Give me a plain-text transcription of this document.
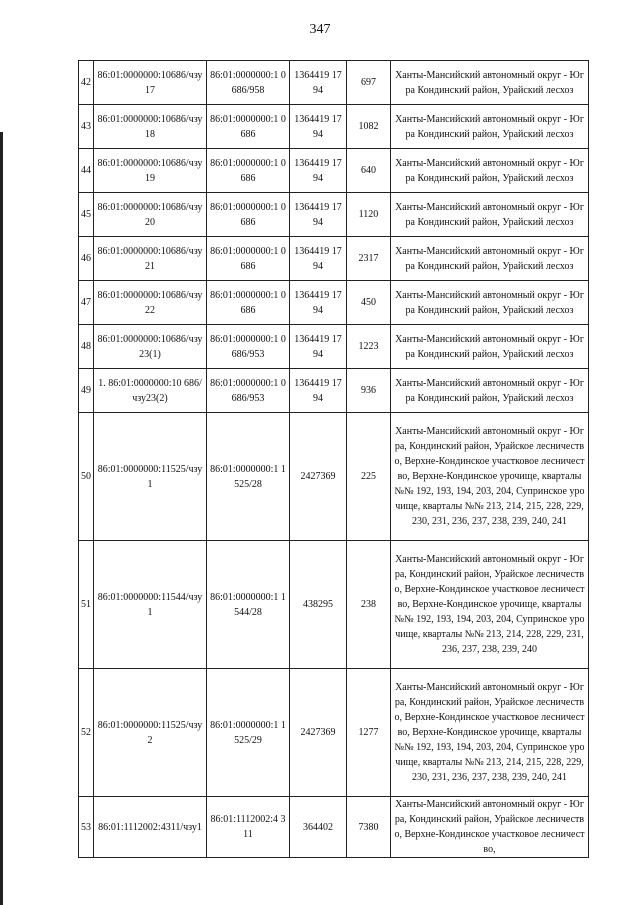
347
42	86:01:0000000:10686/чзу 17	86:01:0000000:1 0686/958	1364419 1794	697	Ханты-Мансийский автономный округ - Югра Кондинский район, Урайский лесхоз
43	86:01:0000000:10686/чзу 18	86:01:0000000:1 0686	1364419 1794	1082	Ханты-Мансийский автономный округ - Югра Кондинский район, Урайский лесхоз
44	86:01:0000000:10686/чзу 19	86:01:0000000:1 0686	1364419 1794	640	Ханты-Мансийский автономный округ - Югра Кондинский район, Урайский лесхоз
45	86:01:0000000:10686/чзу 20	86:01:0000000:1 0686	1364419 1794	1120	Ханты-Мансийский автономный округ - Югра Кондинский район, Урайский лесхоз
46	86:01:0000000:10686/чзу 21	86:01:0000000:1 0686	1364419 1794	2317	Ханты-Мансийский автономный округ - Югра Кондинский район, Урайский лесхоз
47	86:01:0000000:10686/чзу 22	86:01:0000000:1 0686	1364419 1794	450	Ханты-Мансийский автономный округ - Югра Кондинский район, Урайский лесхоз
48	86:01:0000000:10686/чзу 23(1)	86:01:0000000:1 0686/953	1364419 1794	1223	Ханты-Мансийский автономный округ - Югра Кондинский район, Урайский лесхоз
49	1. 86:01:0000000:10 686/чзу23(2)	86:01:0000000:1 0686/953	1364419 1794	936	Ханты-Мансийский автономный округ - Югра Кондинский район, Урайский лесхоз
50	86:01:0000000:11525/чзу 1	86:01:0000000:1 1525/28	2427369	225	Ханты-Мансийский автономный округ - Югра, Кондинский район, Урайское лесничество, Верхне-Кондинское участковое лесничество, Верхне-Кондинское урочище, кварталы №№ 192, 193, 194, 203, 204, Супринское урочище, кварталы №№ 213, 214, 215, 228, 229, 230, 231, 236, 237, 238, 239, 240, 241
51	86:01:0000000:11544/чзу 1	86:01:0000000:1 1544/28	438295	238	Ханты-Мансийский автономный округ - Югра, Кондинский район, Урайское лесничество, Верхне-Кондинское участковое лесничество, Верхне-Кондинское урочище, кварталы №№ 192, 193, 194, 203, 204, Супринское урочище, кварталы №№ 213, 214, 228, 229, 231, 236, 237, 238, 239, 240
52	86:01:0000000:11525/чзу 2	86:01:0000000:1 1525/29	2427369	1277	Ханты-Мансийский автономный округ - Югра, Кондинский район, Урайское лесничество, Верхне-Кондинское участковое лесничество, Верхне-Кондинское урочище, кварталы №№ 192, 193, 194, 203, 204, Супринское урочище, кварталы №№ 213, 214, 215, 228, 229, 230, 231, 236, 237, 238, 239, 240, 241
53	86:01:1112002:4311/чзу1	86:01:1112002:4 311	364402	7380	Ханты-Мансийский автономный округ - Югра, Кондинский район, Урайское лесничество, Верхне-Кондинское участковое лесничество,
